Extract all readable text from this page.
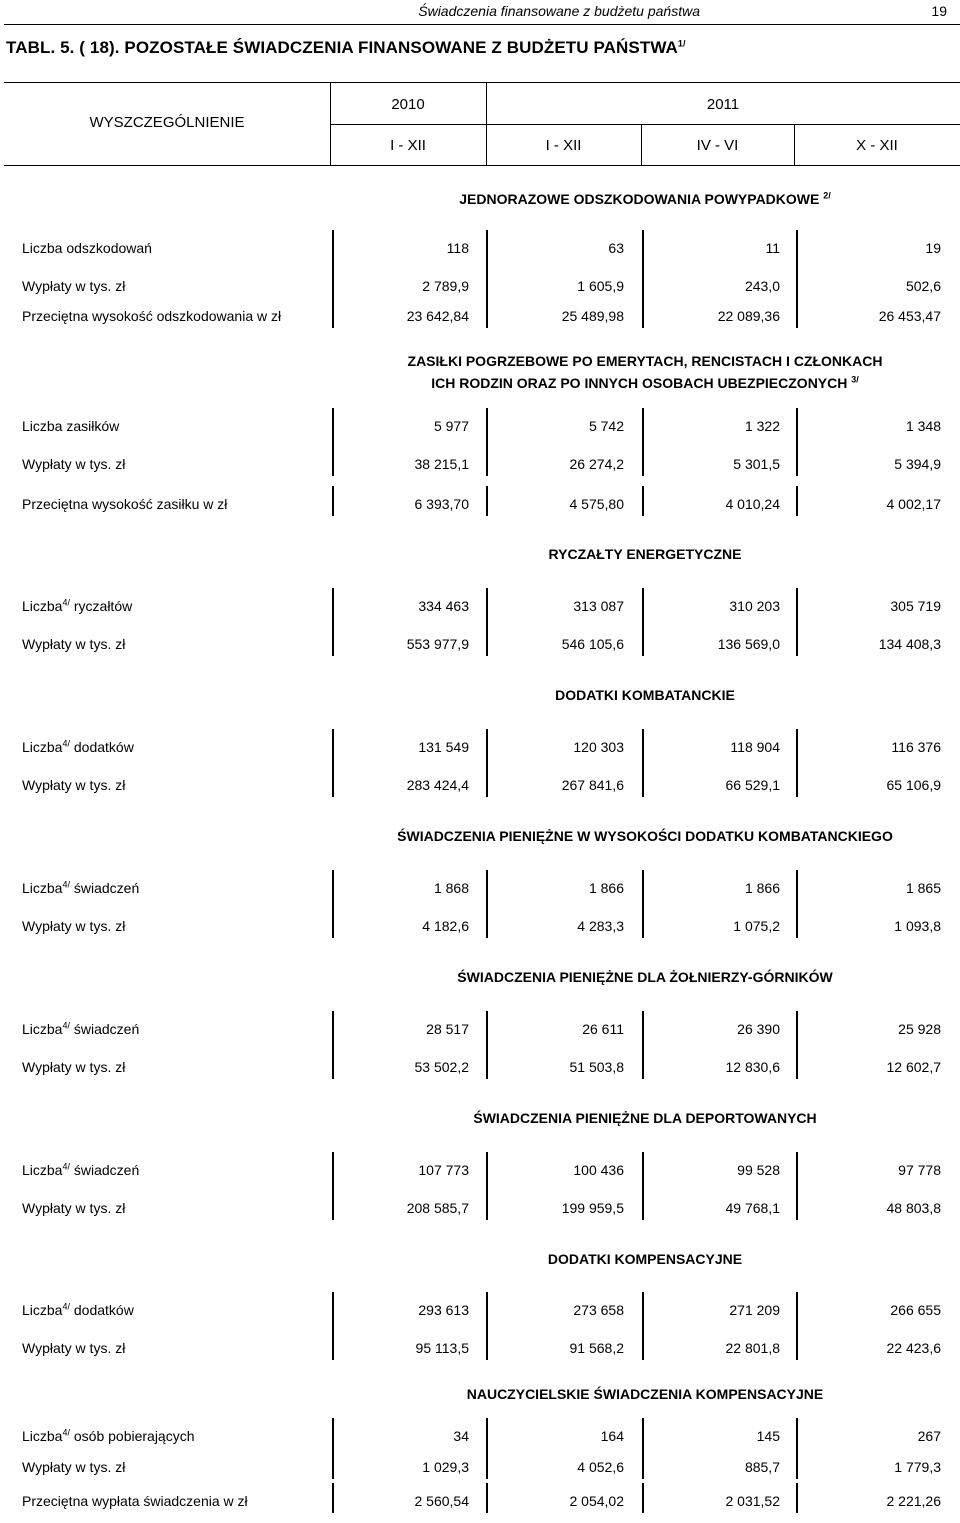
Świadczenia finansowane z budżetu państwa	19
TABL. 5. ( 18). POZOSTAŁE ŚWIADCZENIA FINANSOWANE Z BUDŻETU $PAŃSTWA^{1/}$
WYSZCZEGÓLNIENIE
2010	2011
I - XII	I - XII	IV - VI	X - XII
JEDNORAZOWE ODSZKODOWANIA POWYPADKOWE $^{2/}$
Liczba odszkodowań	118	63	11	19
Wypłaty w tys. zł	2 789,9	1 605,9	243,0	502,6
Przeciętna wysokość odszkodowania w zł	23 642,84	25 489,98	22 089,36	26 453,47
ZASIŁKI POGRZEBOWE PO EMERYTACH, RENCISTACH I CZŁONKACH
ICH RODZIN ORAZ PO INNYCH OSOBACH UBEZPIECZONYCH $^{3/}$
Liczba zasiłków	5 977	5 742	1 322	1 348
Wypłaty w tys. zł	38 215,1	26 274,2	5 301,5	5 394,9
Przeciętna wysokość zasiłku w zł	6 393,70	4 575,80	4 010,24	4 002,17
RYCZAŁTY ENERGETYCZNE
Liczba$^{4/}$ ryczałtów	334 463	313 087	310 203	305 719
Wypłaty w tys. zł	553 977,9	546 105,6	136 569,0	134 408,3
DODATKI KOMBATANCKIE
Liczba$^{4/}$ dodatków	131 549	120 303	118 904	116 376
Wypłaty w tys. zł	283 424,4	267 841,6	66 529,1	65 106,9
ŚWIADCZENIA PIENIĘŻNE W WYSOKOŚCI DODATKU KOMBATANCKIEGO
Liczba$^{4/}$ świadczeń	1 868	1 866	1 866	1 865
Wypłaty w tys. zł	4 182,6	4 283,3	1 075,2	1 093,8
ŚWIADCZENIA PIENIĘŻNE DLA ŻOŁNIERZY-GÓRNIKÓW
Liczba$^{4/}$ świadczeń	28 517	26 611	26 390	25 928
Wypłaty w tys. zł	53 502,2	51 503,8	12 830,6	12 602,7
ŚWIADCZENIA PIENIĘŻNE DLA DEPORTOWANYCH
Liczba$^{4/}$ świadczeń	107 773	100 436	99 528	97 778
Wypłaty w tys. zł	208 585,7	199 959,5	49 768,1	48 803,8
DODATKI KOMPENSACYJNE
Liczba$^{4/}$ dodatków	293 613	273 658	271 209	266 655
Wypłaty w tys. zł	95 113,5	91 568,2	22 801,8	22 423,6
NAUCZYCIELSKIE ŚWIADCZENIA KOMPENSACYJNE
Liczba$^{4/}$ osób pobierających	34	164	145	267
Wypłaty w tys. zł	1 029,3	4 052,6	885,7	1 779,3
Przeciętna wypłata świadczenia w zł	2 560,54	2 054,02	2 031,52	2 221,26
